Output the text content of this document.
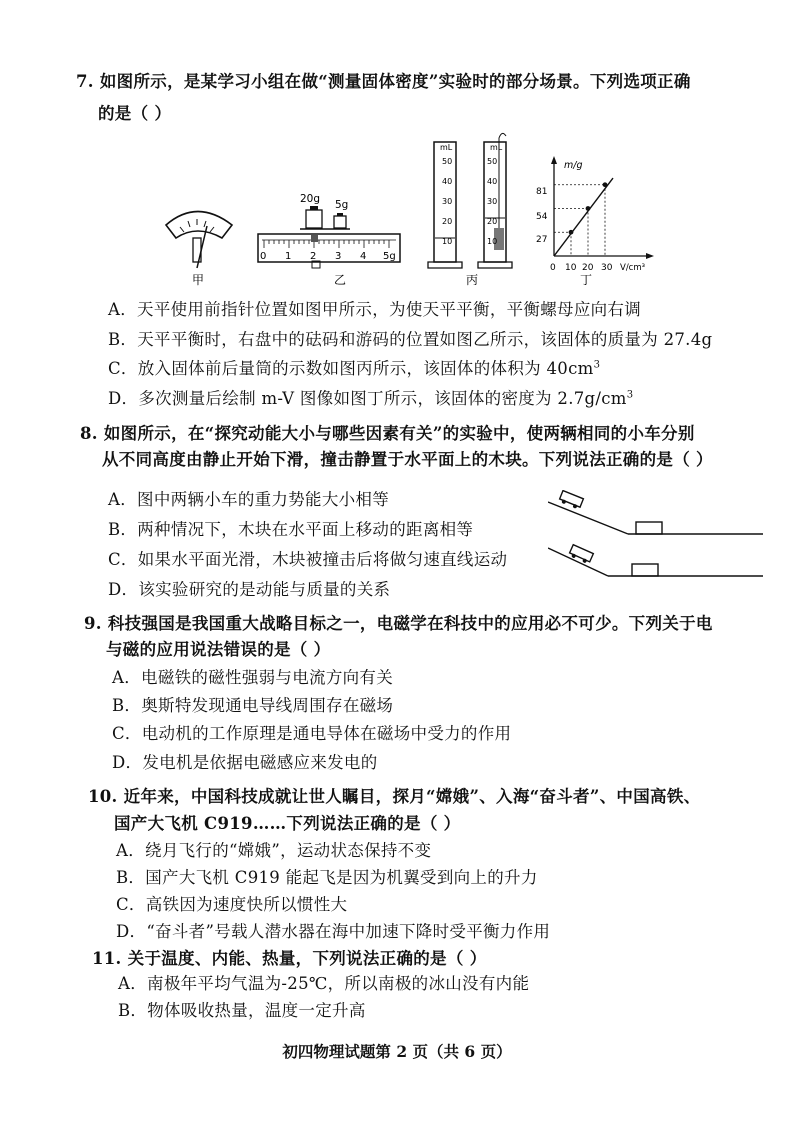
7. 如图所示，是某学习小组在做“测量固体密度”实验时的部分场景。下列选项正确
的是（ ）
甲
20g 5g
0 1 2 3 4 5g
乙
mL
50
40
30
20
10
mL
50
40
30
20
10
丙
m/g
V/cm³
81
54
27
0 10 20 30
丁
A．天平使用前指针位置如图甲所示，为使天平平衡，平衡螺母应向右调
B．天平平衡时，右盘中的砝码和游码的位置如图乙所示，该固体的质量为 27.4g
C．放入固体前后量筒的示数如图丙所示，该固体的体积为 $40cm^3$
D．多次测量后绘制 m-V 图像如图丁所示，该固体的密度为 $2.7g/cm^3$
8. 如图所示，在“探究动能大小与哪些因素有关”的实验中，使两辆相同的小车分别
从不同高度由静止开始下滑，撞击静置于水平面上的木块。下列说法正确的是（ ）
A．图中两辆小车的重力势能大小相等
B．两种情况下，木块在水平面上移动的距离相等
C．如果水平面光滑，木块被撞击后将做匀速直线运动
D．该实验研究的是动能与质量的关系
9. 科技强国是我国重大战略目标之一，电磁学在科技中的应用必不可少。下列关于电
与磁的应用说法错误的是（ ）
A．电磁铁的磁性强弱与电流方向有关
B．奥斯特发现通电导线周围存在磁场
C．电动机的工作原理是通电导体在磁场中受力的作用
D．发电机是依据电磁感应来发电的
10. 近年来，中国科技成就让世人瞩目，探月“嫦娥”、入海“奋斗者”、中国高铁、
国产大飞机 C919……下列说法正确的是（ ）
A．绕月飞行的“嫦娥”，运动状态保持不变
B．国产大飞机 C919 能起飞是因为机翼受到向上的升力
C．高铁因为速度快所以惯性大
D．“奋斗者”号载人潜水器在海中加速下降时受平衡力作用
11. 关于温度、内能、热量，下列说法正确的是（ ）
A．南极年平均气温为-25℃，所以南极的冰山没有内能
B．物体吸收热量，温度一定升高
初四物理试题第 2 页（共 6 页）
